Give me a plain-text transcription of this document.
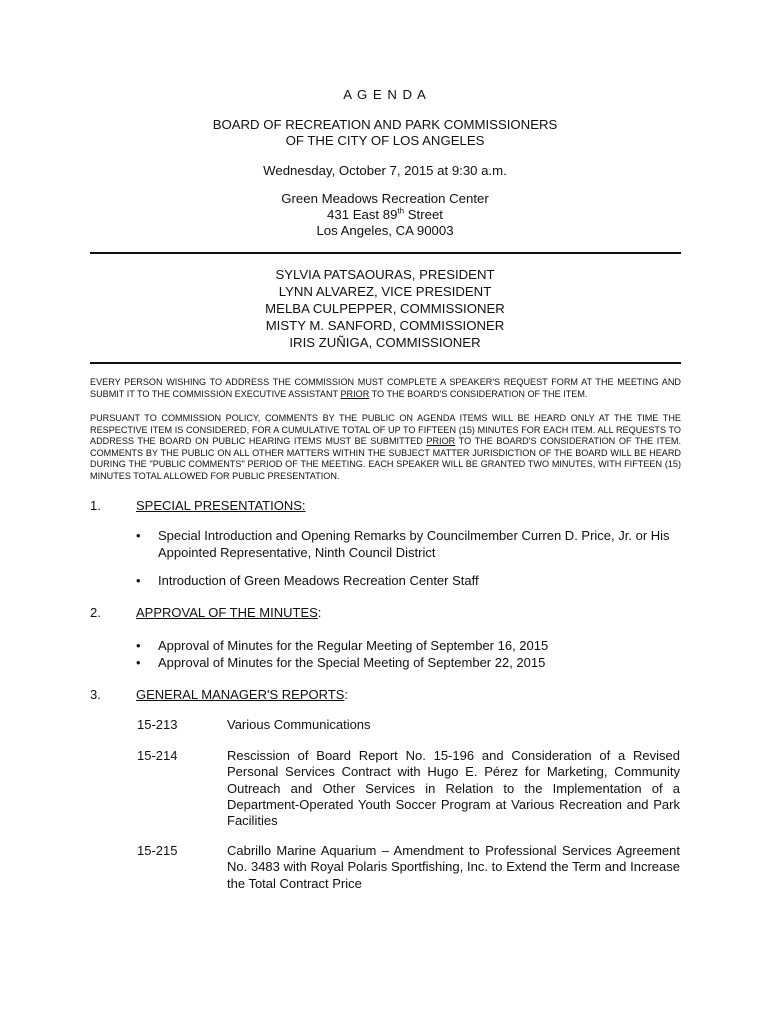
A G E N D A
BOARD OF RECREATION AND PARK COMMISSIONERS
OF THE CITY OF LOS ANGELES
Wednesday, October 7, 2015 at 9:30 a.m.
Green Meadows Recreation Center
431 East 89th Street
Los Angeles, CA 90003
SYLVIA PATSAOURAS, PRESIDENT
LYNN ALVAREZ, VICE PRESIDENT
MELBA CULPEPPER, COMMISSIONER
MISTY M. SANFORD, COMMISSIONER
IRIS ZUÑIGA, COMMISSIONER
EVERY PERSON WISHING TO ADDRESS THE COMMISSION MUST COMPLETE A SPEAKER'S REQUEST FORM AT THE MEETING AND SUBMIT IT TO THE COMMISSION EXECUTIVE ASSISTANT PRIOR TO THE BOARD'S CONSIDERATION OF THE ITEM.
PURSUANT TO COMMISSION POLICY, COMMENTS BY THE PUBLIC ON AGENDA ITEMS WILL BE HEARD ONLY AT THE TIME THE RESPECTIVE ITEM IS CONSIDERED, FOR A CUMULATIVE TOTAL OF UP TO FIFTEEN (15) MINUTES FOR EACH ITEM. ALL REQUESTS TO ADDRESS THE BOARD ON PUBLIC HEARING ITEMS MUST BE SUBMITTED PRIOR TO THE BOARD'S CONSIDERATION OF THE ITEM. COMMENTS BY THE PUBLIC ON ALL OTHER MATTERS WITHIN THE SUBJECT MATTER JURISDICTION OF THE BOARD WILL BE HEARD DURING THE "PUBLIC COMMENTS" PERIOD OF THE MEETING. EACH SPEAKER WILL BE GRANTED TWO MINUTES, WITH FIFTEEN (15) MINUTES TOTAL ALLOWED FOR PUBLIC PRESENTATION.
1.	SPECIAL PRESENTATIONS:
• Special Introduction and Opening Remarks by Councilmember Curren D. Price, Jr. or His Appointed Representative, Ninth Council District
• Introduction of Green Meadows Recreation Center Staff
2.	APPROVAL OF THE MINUTES:
• Approval of Minutes for the Regular Meeting of September 16, 2015
• Approval of Minutes for the Special Meeting of September 22, 2015
3.	GENERAL MANAGER'S REPORTS:
15-213	Various Communications
15-214	Rescission of Board Report No. 15-196 and Consideration of a Revised Personal Services Contract with Hugo E. Pérez for Marketing, Community Outreach and Other Services in Relation to the Implementation of a Department-Operated Youth Soccer Program at Various Recreation and Park Facilities
15-215	Cabrillo Marine Aquarium – Amendment to Professional Services Agreement No. 3483 with Royal Polaris Sportfishing, Inc. to Extend the Term and Increase the Total Contract Price
